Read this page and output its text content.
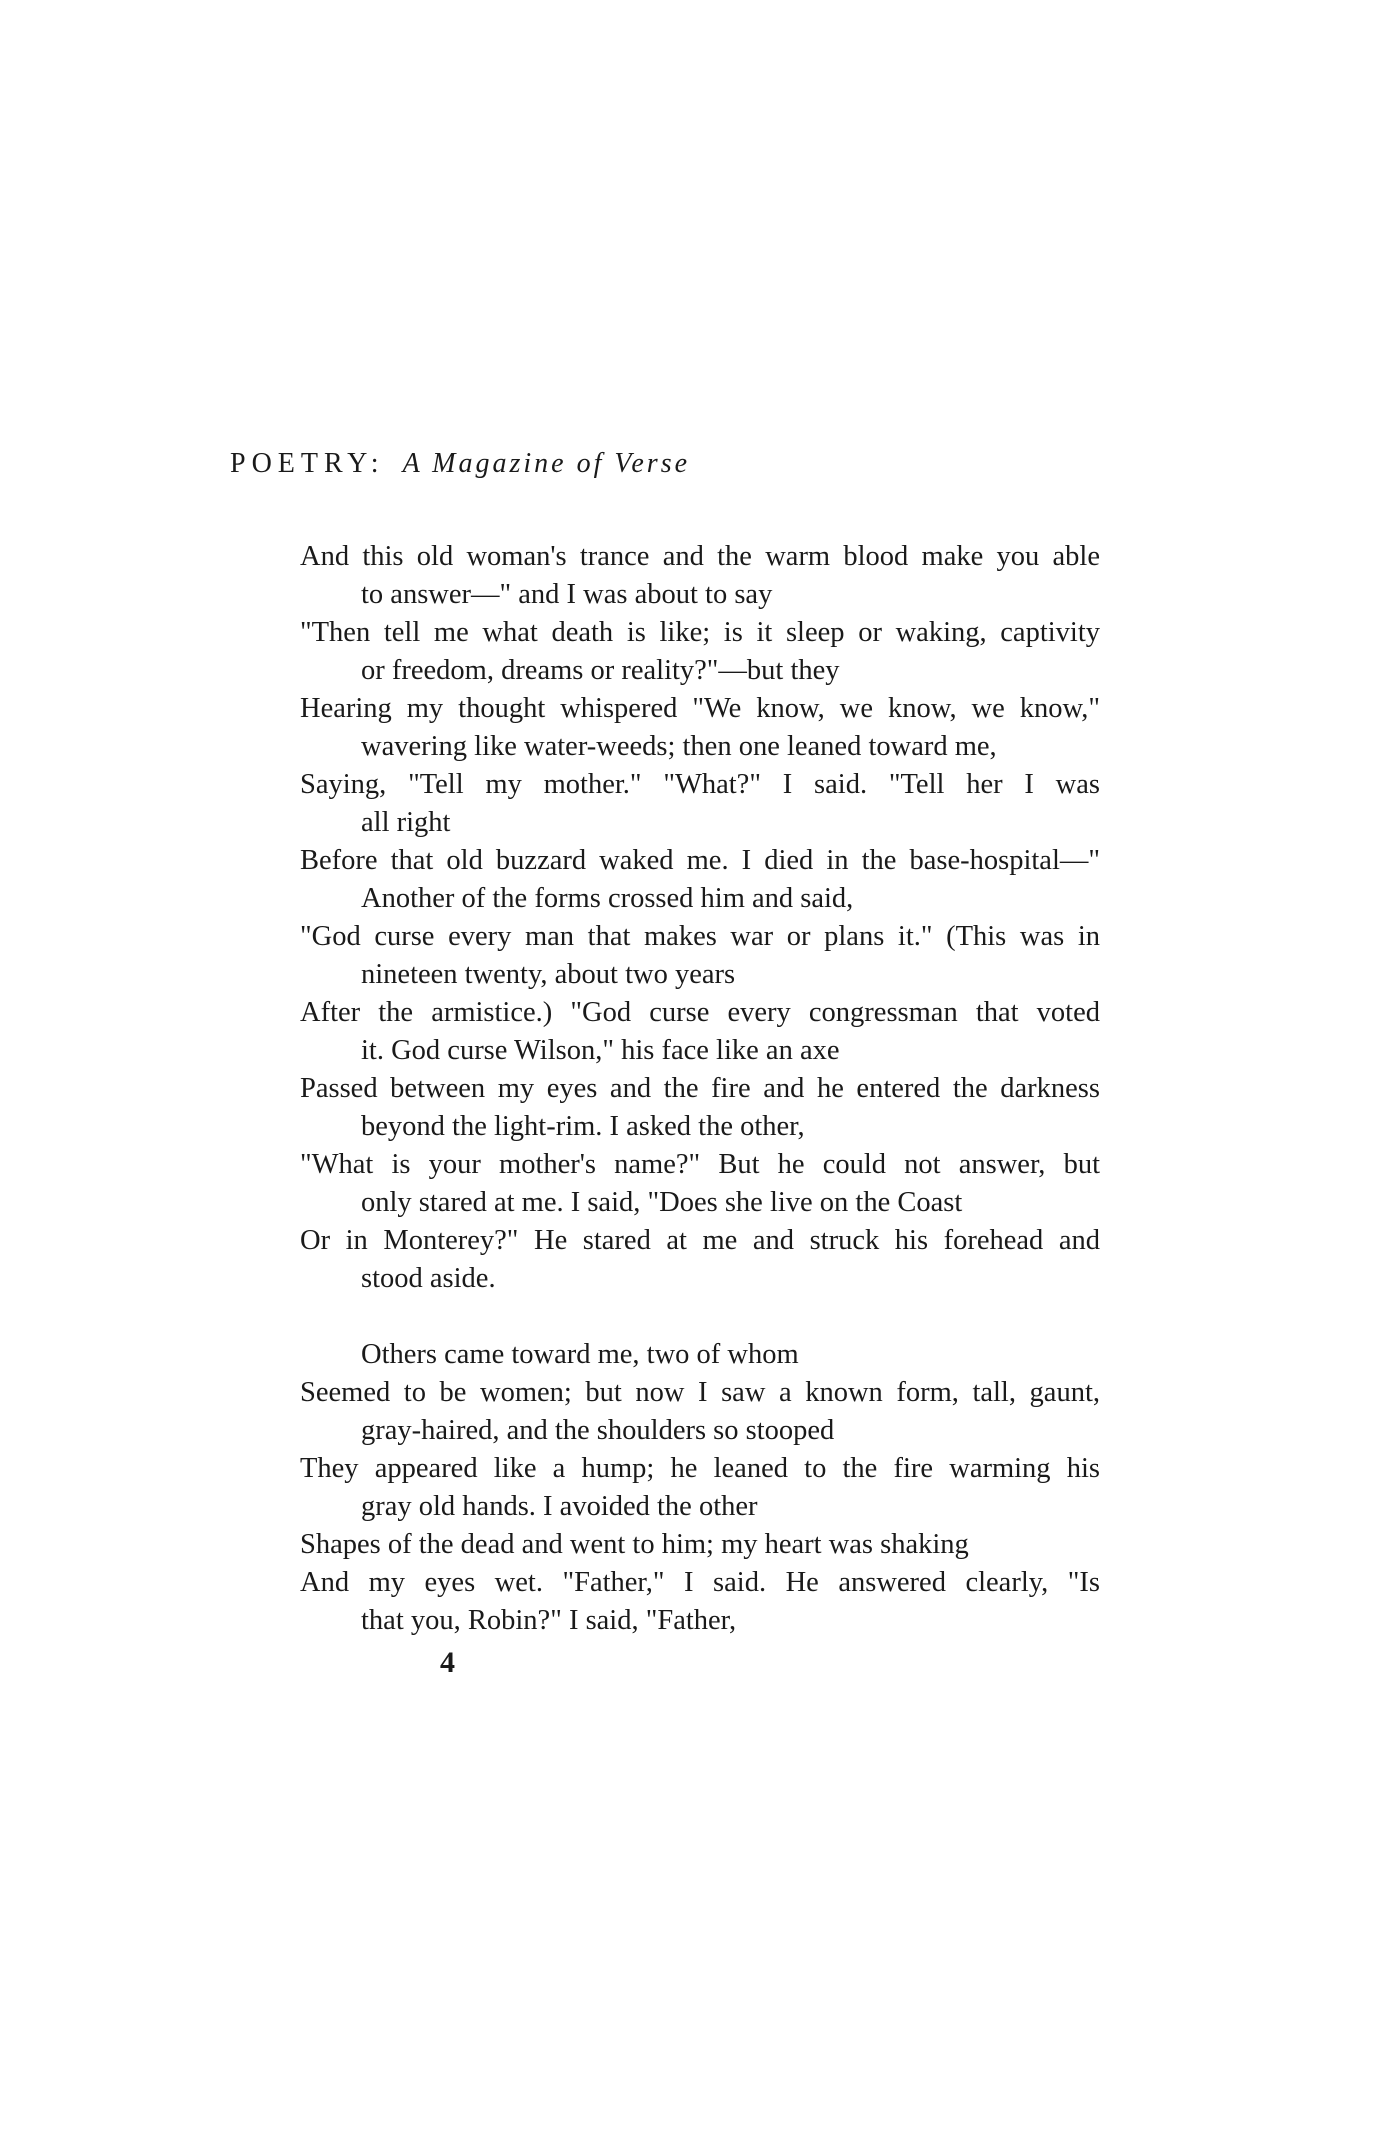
POETRY: A Magazine of Verse
And this old woman's trance and the warm blood make you able
to answer—" and I was about to say
"Then tell me what death is like; is it sleep or waking, captivity
or freedom, dreams or reality?"—but they
Hearing my thought whispered "We know, we know, we know,"
wavering like water-weeds; then one leaned toward me,
Saying, "Tell my mother." "What?" I said. "Tell her I was
all right
Before that old buzzard waked me. I died in the base-hospital—"
Another of the forms crossed him and said,
"God curse every man that makes war or plans it." (This was in
nineteen twenty, about two years
After the armistice.) "God curse every congressman that voted
it. God curse Wilson," his face like an axe
Passed between my eyes and the fire and he entered the darkness
beyond the light-rim. I asked the other,
"What is your mother's name?" But he could not answer, but
only stared at me. I said, "Does she live on the Coast
Or in Monterey?" He stared at me and struck his forehead and
stood aside.
Others came toward me, two of whom
Seemed to be women; but now I saw a known form, tall, gaunt,
gray-haired, and the shoulders so stooped
They appeared like a hump; he leaned to the fire warming his
gray old hands. I avoided the other
Shapes of the dead and went to him; my heart was shaking
And my eyes wet. "Father," I said. He answered clearly, "Is
that you, Robin?" I said, "Father,
4
